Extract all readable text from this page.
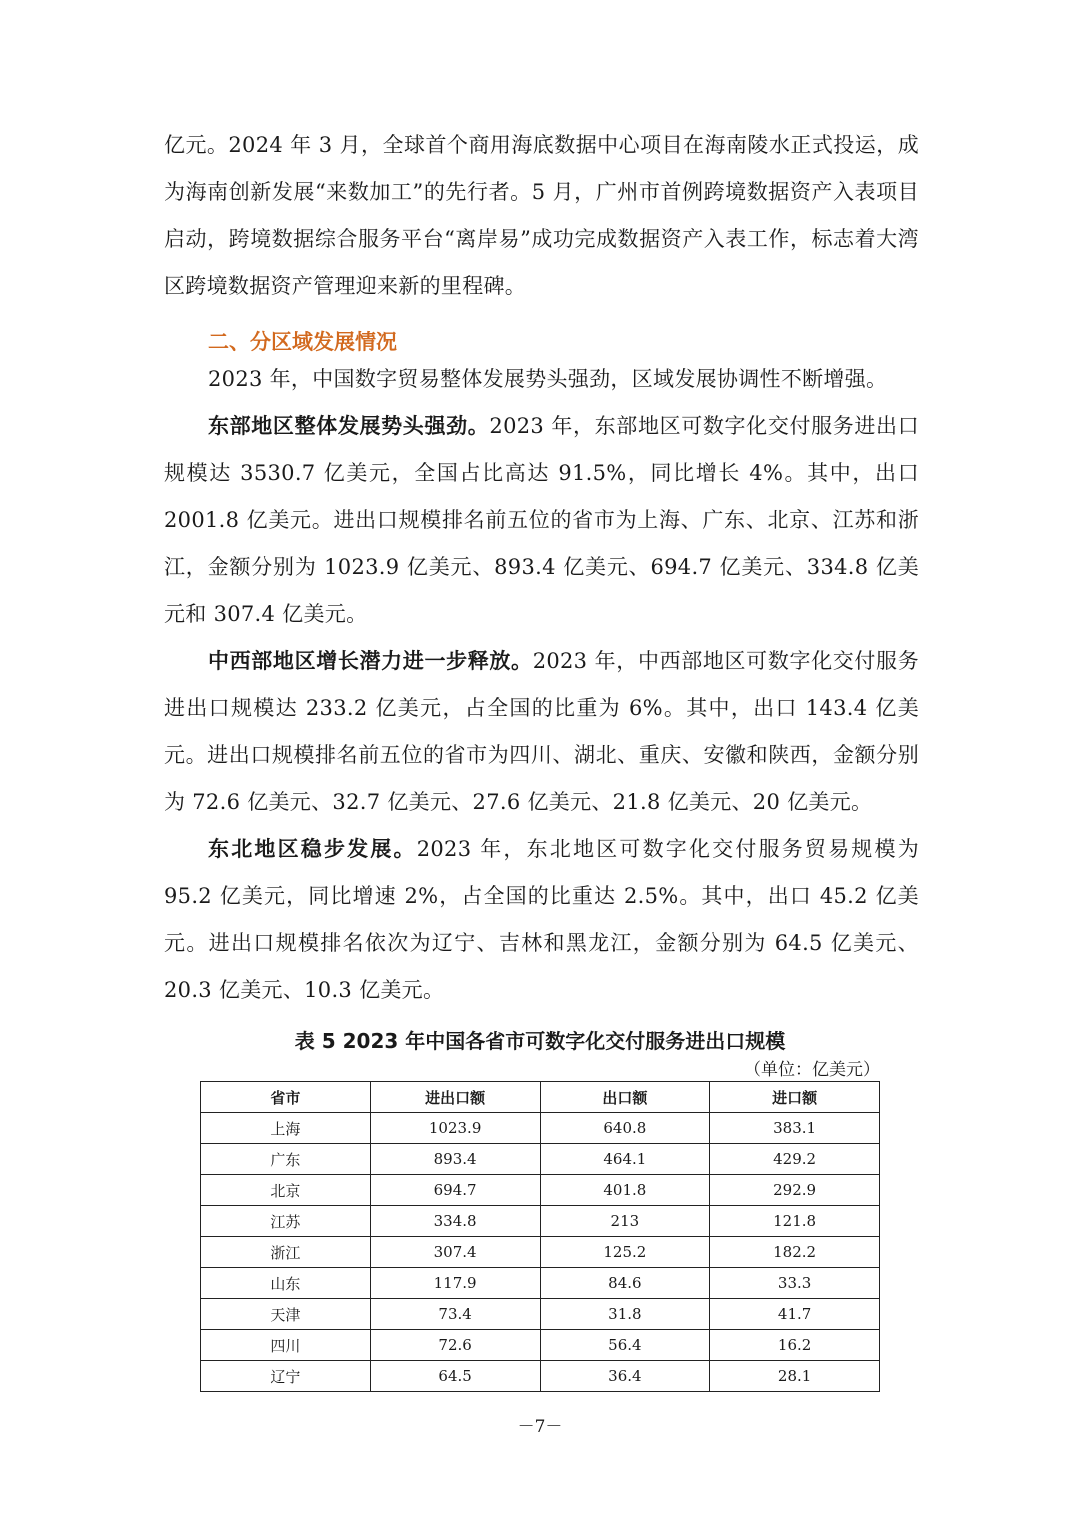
亿元。2024 年 3 月，全球首个商用海底数据中心项目在海南陵水正式投运，成为海南创新发展“来数加工”的先行者。5 月，广州市首例跨境数据资产入表项目启动，跨境数据综合服务平台“离岸易”成功完成数据资产入表工作，标志着大湾区跨境数据资产管理迎来新的里程碑。

二、分区域发展情况

2023 年，中国数字贸易整体发展势头强劲，区域发展协调性不断增强。

东部地区整体发展势头强劲。2023 年，东部地区可数字化交付服务进出口规模达 3530.7 亿美元，全国占比高达 91.5%，同比增长 4%。其中，出口 2001.8 亿美元。进出口规模排名前五位的省市为上海、广东、北京、江苏和浙江，金额分别为 1023.9 亿美元、893.4 亿美元、694.7 亿美元、334.8 亿美元和 307.4 亿美元。

中西部地区增长潜力进一步释放。2023 年，中西部地区可数字化交付服务进出口规模达 233.2 亿美元，占全国的比重为 6%。其中，出口 143.4 亿美元。进出口规模排名前五位的省市为四川、湖北、重庆、安徽和陕西，金额分别为 72.6 亿美元、32.7 亿美元、27.6 亿美元、21.8 亿美元、20 亿美元。

东北地区稳步发展。2023 年，东北地区可数字化交付服务贸易规模为 95.2 亿美元，同比增速 2%，占全国的比重达 2.5%。其中，出口 45.2 亿美元。进出口规模排名依次为辽宁、吉林和黑龙江，金额分别为 64.5 亿美元、20.3 亿美元、10.3 亿美元。

表 5 2023 年中国各省市可数字化交付服务进出口规模

（单位：亿美元）

省市	进出口额	出口额	进口额
上海	1023.9	640.8	383.1
广东	893.4	464.1	429.2
北京	694.7	401.8	292.9
江苏	334.8	213	121.8
浙江	307.4	125.2	182.2
山东	117.9	84.6	33.3
天津	73.4	31.8	41.7
四川	72.6	56.4	16.2
辽宁	64.5	36.4	28.1

－7－
